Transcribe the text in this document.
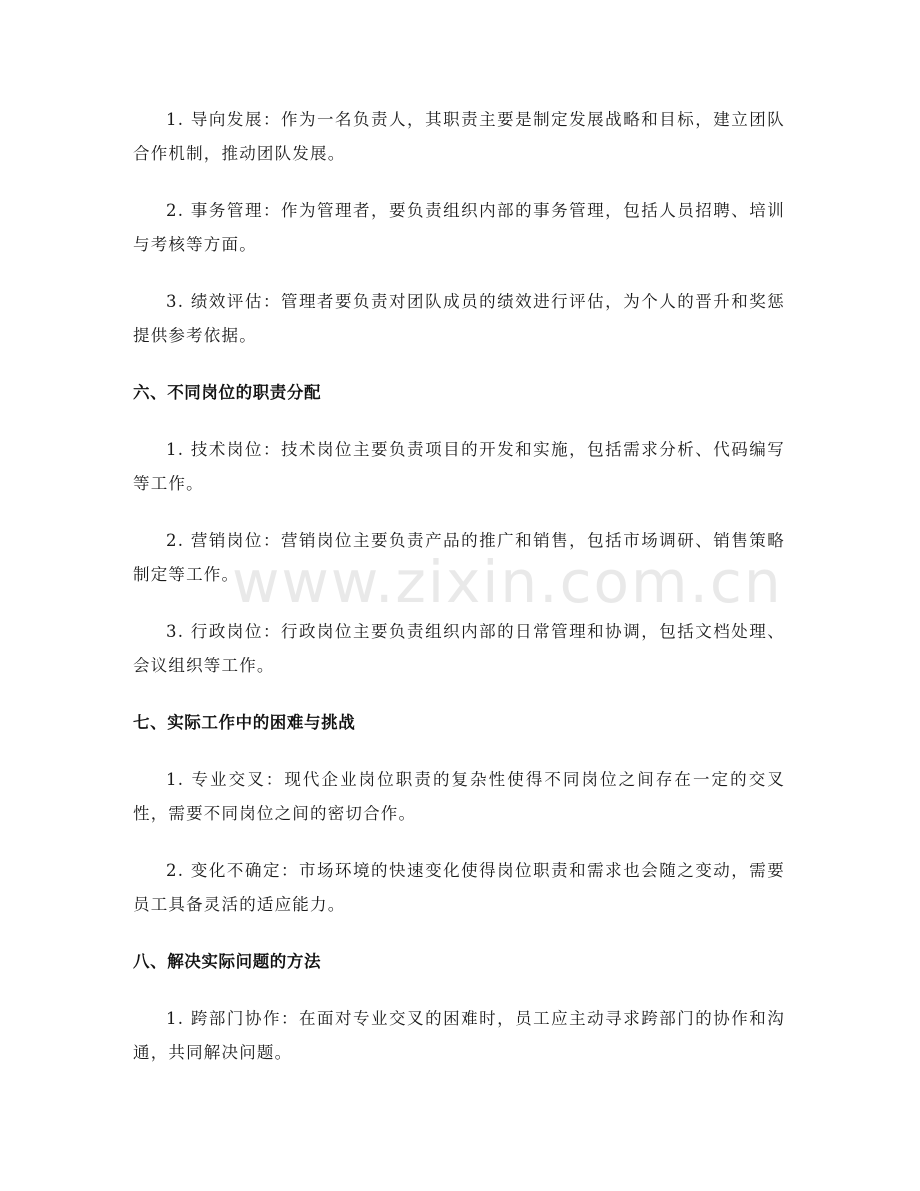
www.zixin.com.cn

1. 导向发展：作为一名负责人，其职责主要是制定发展战略和目标，建立团队合作机制，推动团队发展。

2. 事务管理：作为管理者，要负责组织内部的事务管理，包括人员招聘、培训与考核等方面。

3. 绩效评估：管理者要负责对团队成员的绩效进行评估，为个人的晋升和奖惩提供参考依据。

六、不同岗位的职责分配

1. 技术岗位：技术岗位主要负责项目的开发和实施，包括需求分析、代码编写等工作。

2. 营销岗位：营销岗位主要负责产品的推广和销售，包括市场调研、销售策略制定等工作。

3. 行政岗位：行政岗位主要负责组织内部的日常管理和协调，包括文档处理、会议组织等工作。

七、实际工作中的困难与挑战

1. 专业交叉：现代企业岗位职责的复杂性使得不同岗位之间存在一定的交叉性，需要不同岗位之间的密切合作。

2. 变化不确定：市场环境的快速变化使得岗位职责和需求也会随之变动，需要员工具备灵活的适应能力。

八、解决实际问题的方法

1. 跨部门协作：在面对专业交叉的困难时，员工应主动寻求跨部门的协作和沟通，共同解决问题。
